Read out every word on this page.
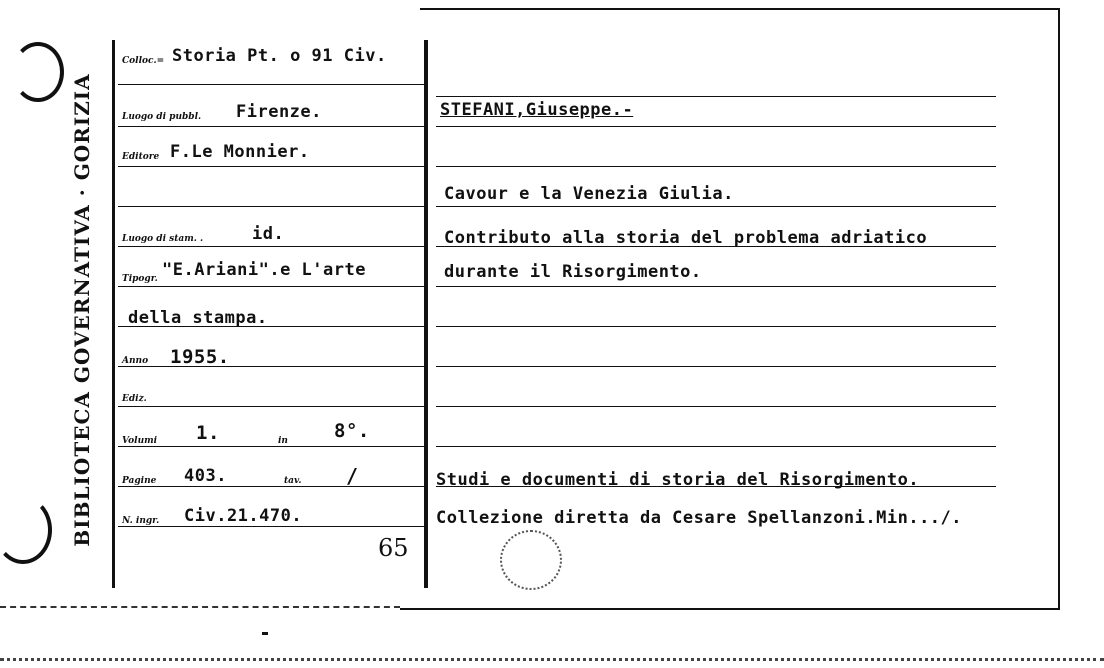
BIBLIOTECA GOVERNATIVA · GORIZIA
Colloc.= Storia Pt. o 91 Civ.
Luogo di pubbl. Firenze.
Editore F.Le Monnier.
Luogo di stam. .	id.
Tipogr. "E.Ariani".e L'arte
della stampa.
Anno 1955.
Ediz.
Volumi 1.	in 8°.
Pagine 403.	tav. /
N. ingr. Civ.21.470.
65
STEFANI,Giuseppe.-
Cavour e la Venezia Giulia.
Contributo alla storia del problema adriatico
durante il Risorgimento.
Studi e documenti di storia del Risorgimento.
Collezione diretta da Cesare Spellanzoni.Min.../.
